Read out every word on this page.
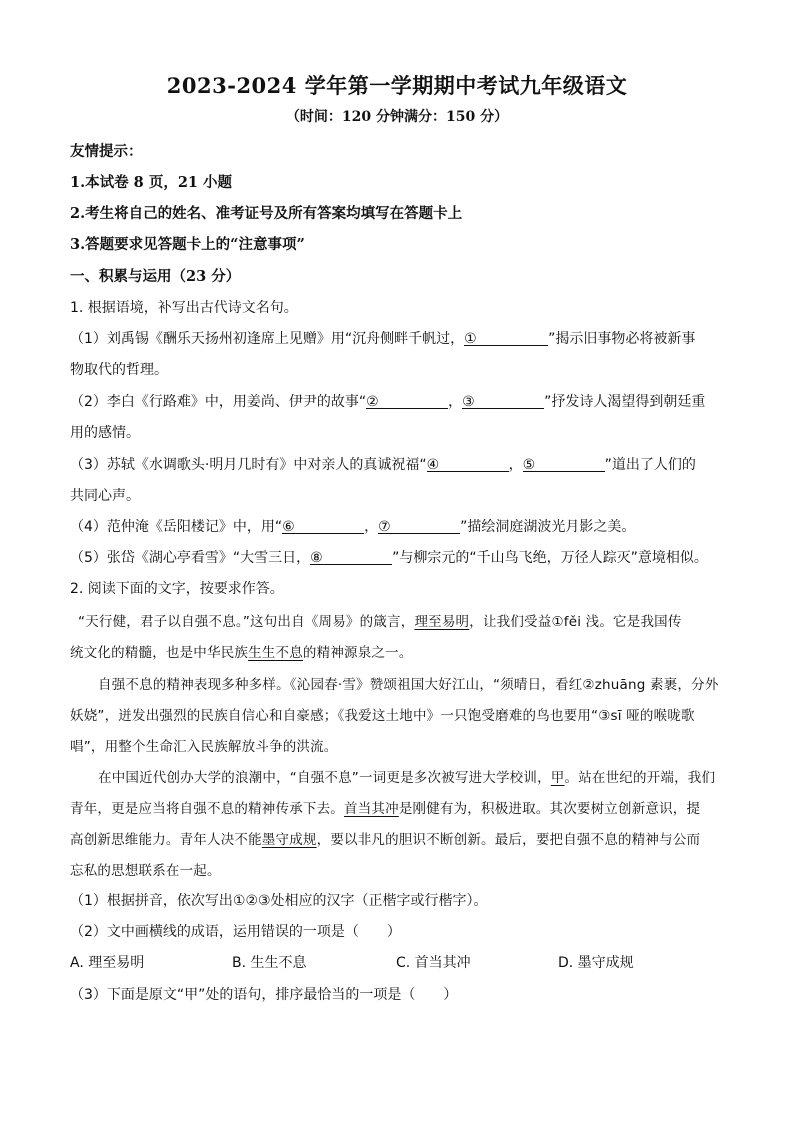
2023-2024 学年第一学期期中考试九年级语文
（时间：120 分钟满分：150 分）
友情提示：
1.本试卷 8 页，21 小题
2.考生将自己的姓名、准考证号及所有答案均填写在答题卡上
3.答题要求见答题卡上的“注意事项”
一、积累与运用（23 分）
1. 根据语境，补写出古代诗文名句。
（1）刘禹锡《酬乐天扬州初逢席上见赠》用“沉舟侧畔千帆过，①	”揭示旧事物必将被新事
物取代的哲理。
（2）李白《行路难》中，用姜尚、伊尹的故事“②	，③	”抒发诗人渴望得到朝廷重
用的感情。
（3）苏轼《水调歌头·明月几时有》中对亲人的真诚祝福“④	，⑤	”道出了人们的
共同心声。
（4）范仲淹《岳阳楼记》中，用“⑥	，⑦	”描绘洞庭湖波光月影之美。
（5）张岱《湖心亭看雪》“大雪三日，⑧	”与柳宗元的“千山鸟飞绝，万径人踪灭”意境相似。
2. 阅读下面的文字，按要求作答。
“天行健，君子以自强不息。”这句出自《周易》的箴言，理至易明，让我们受益①fěi 浅。它是我国传
统文化的精髓，也是中华民族生生不息的精神源泉之一。
自强不息的精神表现多种多样。《沁园春·雪》赞颂祖国大好江山，“须晴日，看红②zhuāng 素裹，分外
妖娆”，迸发出强烈的民族自信心和自豪感；《我爱这土地中》一只饱受磨难的鸟也要用“③sī 哑的喉咙歌
唱”，用整个生命汇入民族解放斗争的洪流。
在中国近代创办大学的浪潮中，“自强不息”一词更是多次被写进大学校训，甲。站在世纪的开端，我们
青年，更是应当将自强不息的精神传承下去。首当其冲是刚健有为，积极进取。其次要树立创新意识，提
高创新思维能力。青年人决不能墨守成规，要以非凡的胆识不断创新。最后，要把自强不息的精神与公而
忘私的思想联系在一起。
（1）根据拼音，依次写出①②③处相应的汉字（正楷字或行楷字）。
（2）文中画横线的成语，运用错误的一项是（　　）
A. 理至易明	B. 生生不息	C. 首当其冲	D. 墨守成规
（3）下面是原文“甲”处的语句，排序最恰当的一项是（　　）
